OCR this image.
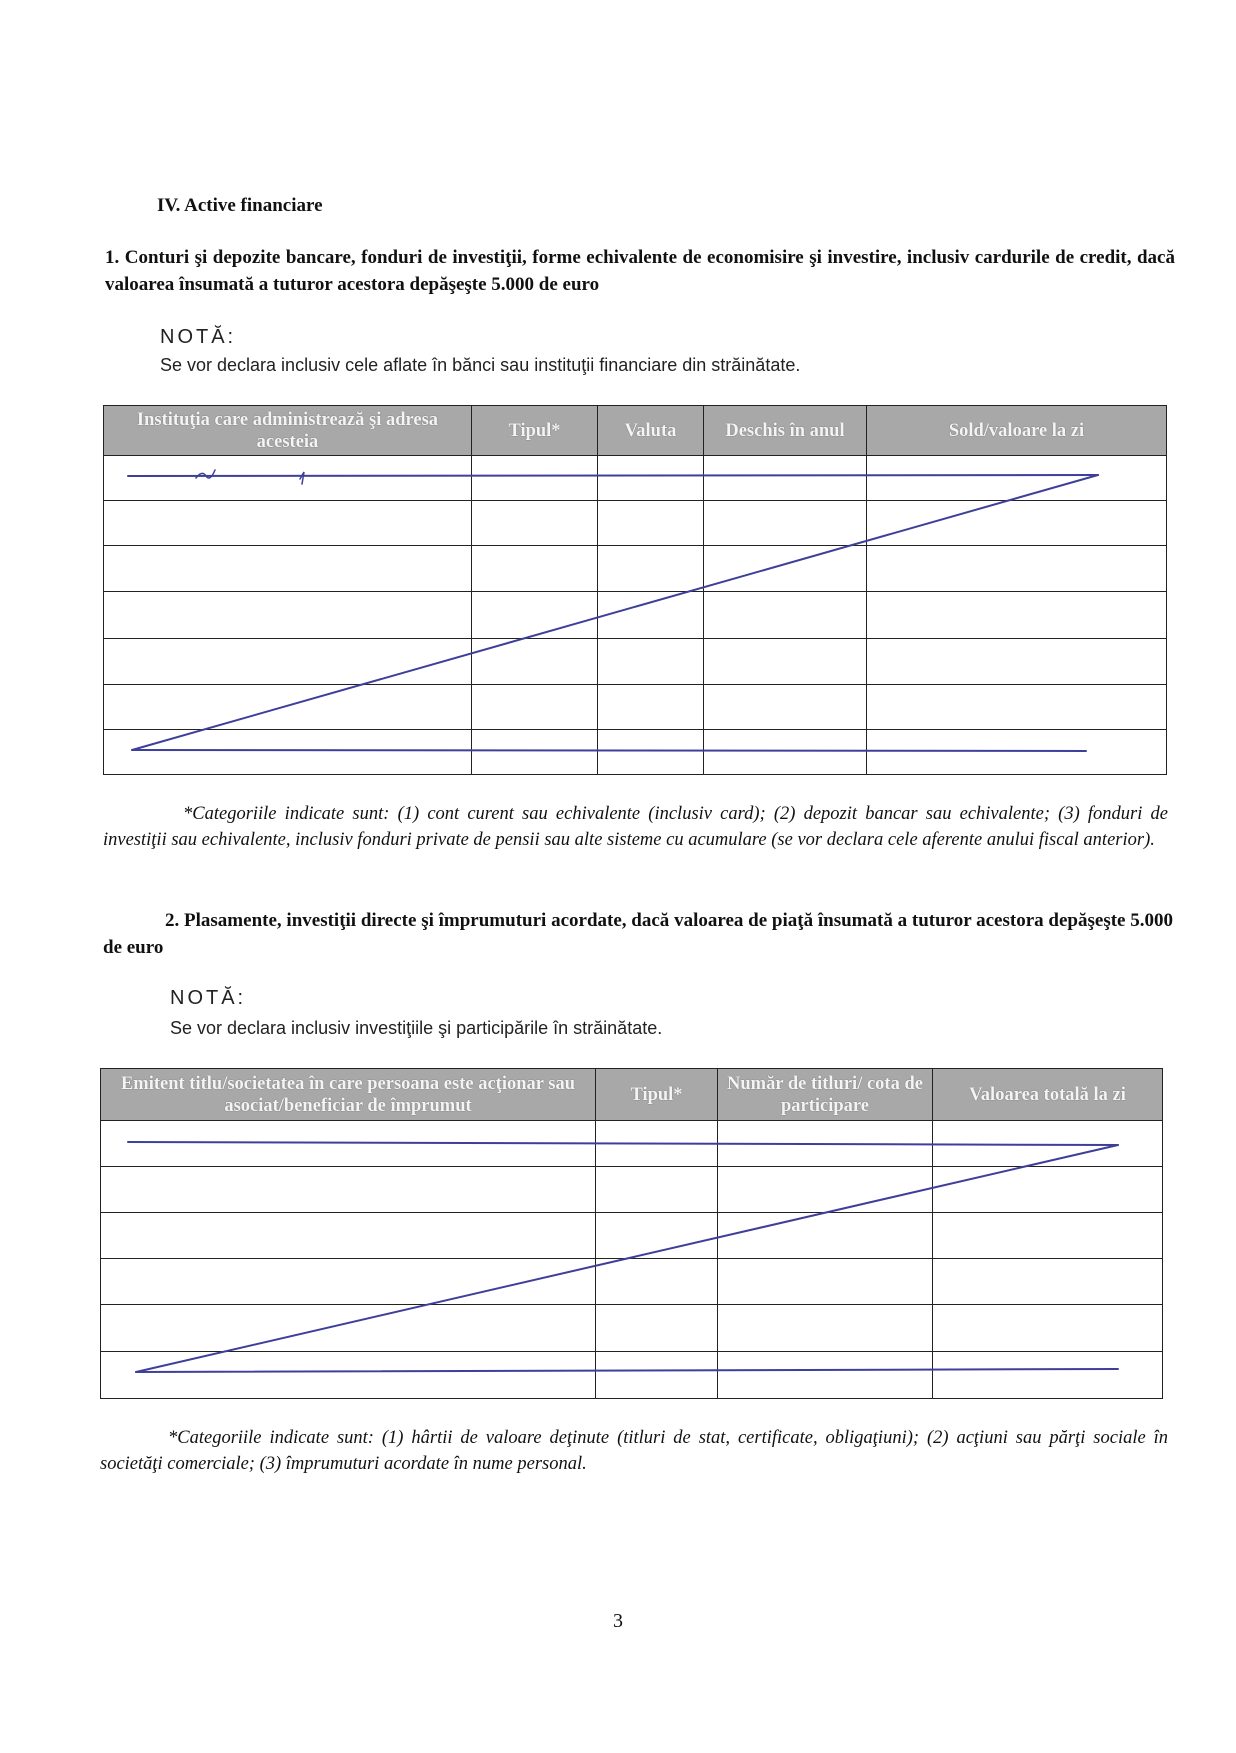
IV. Active financiare
1. Conturi şi depozite bancare, fonduri de investiţii, forme echivalente de economisire şi investire, inclusiv cardurile de credit, dacă valoarea însumată a tuturor acestora depăşeşte 5.000 de euro
NOTĂ:
Se vor declara inclusiv cele aflate în bănci sau instituţii financiare din străinătate.
Instituţia care administrează şi adresa acesteia	Tipul*	Valuta	Deschis în anul	Sold/valoare la zi

*Categoriile indicate sunt: (1) cont curent sau echivalente (inclusiv card); (2) depozit bancar sau echivalente; (3) fonduri de investiţii sau echivalente, inclusiv fonduri private de pensii sau alte sisteme cu acumulare (se vor declara cele aferente anului fiscal anterior).
2. Plasamente, investiţii directe şi împrumuturi acordate, dacă valoarea de piaţă însumată a tuturor acestora depăşeşte 5.000 de euro
NOTĂ:
Se vor declara inclusiv investiţiile şi participările în străinătate.
Emitent titlu/societatea în care persoana este acţionar sau asociat/beneficiar de împrumut	Tipul*	Număr de titluri/ cota de participare	Valoarea totală la zi

*Categoriile indicate sunt: (1) hârtii de valoare deţinute (titluri de stat, certificate, obligaţiuni); (2) acţiuni sau părţi sociale în societăţi comerciale; (3) împrumuturi acordate în nume personal.
3
